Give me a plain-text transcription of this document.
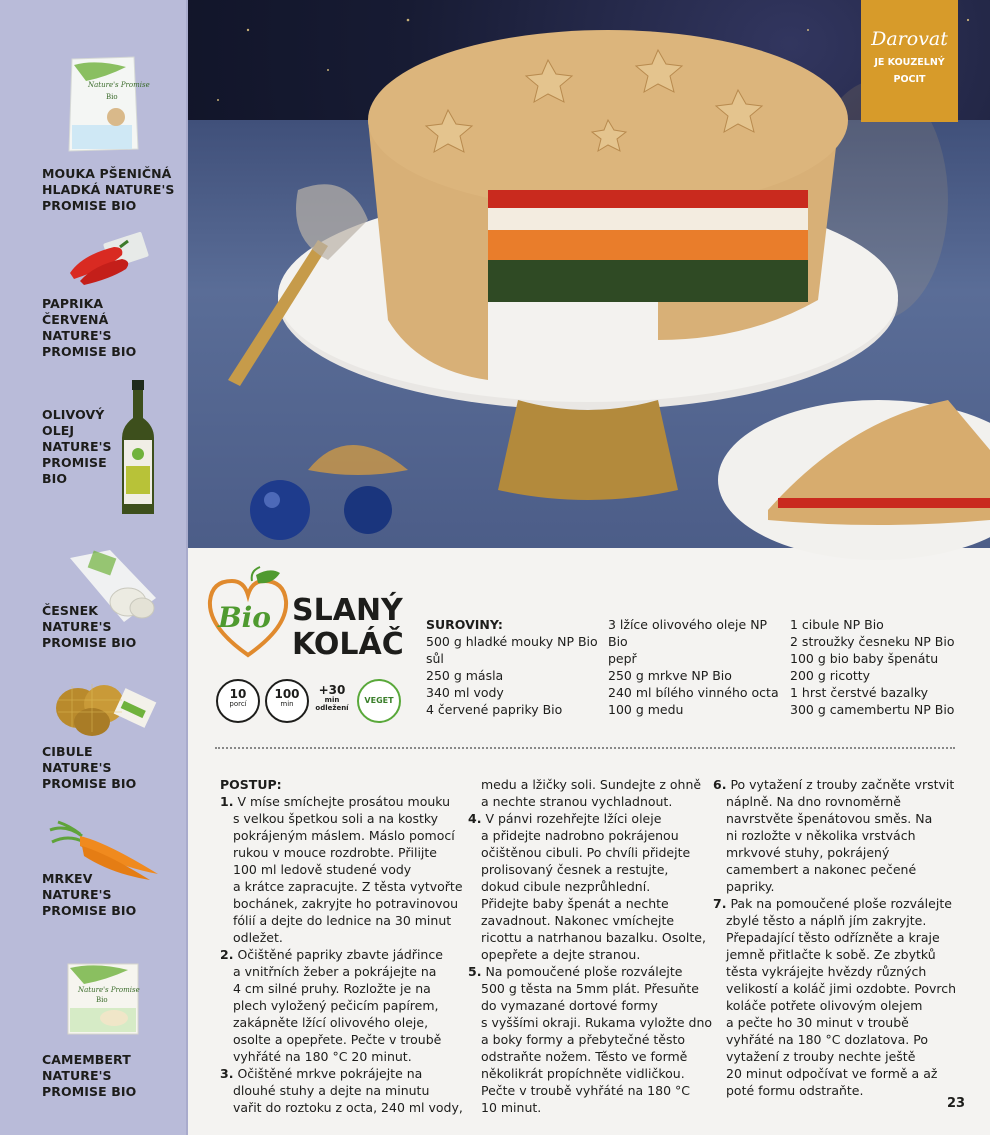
Nature's Promise
Bio
MOUKA PŠENIČNÁ
HLADKÁ NATURE'S
PROMISE BIO
PAPRIKA
ČERVENÁ
NATURE'S
PROMISE BIO
OLIVOVÝ
OLEJ
NATURE'S
PROMISE
BIO
ČESNEK
NATURE'S
PROMISE BIO
CIBULE
NATURE'S
PROMISE BIO
MRKEV
NATURE'S
PROMISE BIO
Nature's Promise
Bio
CAMEMBERT
NATURE'S
PROMISE BIO
Darovat
JE KOUZELNÝ
POCIT
Bio SLANÝ
KOLÁČ
10
porcí
100
min
+30
min
odležení
VEGET
SUROVINY:
500 g hladké mouky NP Bio
sůl
250 g másla
340 ml vody
4 červené papriky Bio
3 lžíce olivového oleje NP
Bio
pepř
250 g mrkve NP Bio
240 ml bílého vinného octa
100 g medu
1 cibule NP Bio
2 stroužky česneku NP Bio
100 g bio baby špenátu
200 g ricotty
1 hrst čerstvé bazalky
300 g camembertu NP Bio
POSTUP:
1. V míse smíchejte prosátou mouku
s velkou špetkou soli a na kostky
pokrájeným máslem. Máslo pomocí
rukou v mouce rozdrobte. Přilijte
100 ml ledově studené vody
a krátce zapracujte. Z těsta vytvořte
bochánek, zakryjte ho potravinovou
fólií a dejte do lednice na 30 minut
odležet.
2. Očištěné papriky zbavte jádřince
a vnitřních žeber a pokrájejte na
4 cm silné pruhy. Rozložte je na
plech vyložený pečicím papírem,
zakápněte lžící olivového oleje,
osolte a opepřete. Pečte v troubě
vyhřáté na 180 °C 20 minut.
3. Očištěné mrkve pokrájejte na
dlouhé stuhy a dejte na minutu
vařit do roztoku z octa, 240 ml vody,
medu a lžičky soli. Sundejte z ohně
a nechte stranou vychladnout.
4. V pánvi rozehřejte lžíci oleje
a přidejte nadrobno pokrájenou
očištěnou cibuli. Po chvíli přidejte
prolisovaný česnek a restujte,
dokud cibule nezprůhlední.
Přidejte baby špenát a nechte
zavadnout. Nakonec vmíchejte
ricottu a natrhanou bazalku. Osolte,
opepřete a dejte stranou.
5. Na pomoučené ploše rozválejte
500 g těsta na 5mm plát. Přesuňte
do vymazané dortové formy
s vyššími okraji. Rukama vyložte dno
a boky formy a přebytečné těsto
odstraňte nožem. Těsto ve formě
několikrát propíchněte vidličkou.
Pečte v troubě vyhřáté na 180 °C
10 minut.
6. Po vytažení z trouby začněte vrstvit
náplně. Na dno rovnoměrně
navrstvěte špenátovou směs. Na
ni rozložte v několika vrstvách
mrkvové stuhy, pokrájený
camembert a nakonec pečené
papriky.
7. Pak na pomoučené ploše rozválejte
zbylé těsto a náplň jím zakryjte.
Přepadající těsto odřízněte a kraje
jemně přitlačte k sobě. Ze zbytků
těsta vykrájejte hvězdy různých
velikostí a koláč jimi ozdobte. Povrch
koláče potřete olivovým olejem
a pečte ho 30 minut v troubě
vyhřáté na 180 °C dozlatova. Po
vytažení z trouby nechte ještě
20 minut odpočívat ve formě a až
poté formu odstraňte.
23
